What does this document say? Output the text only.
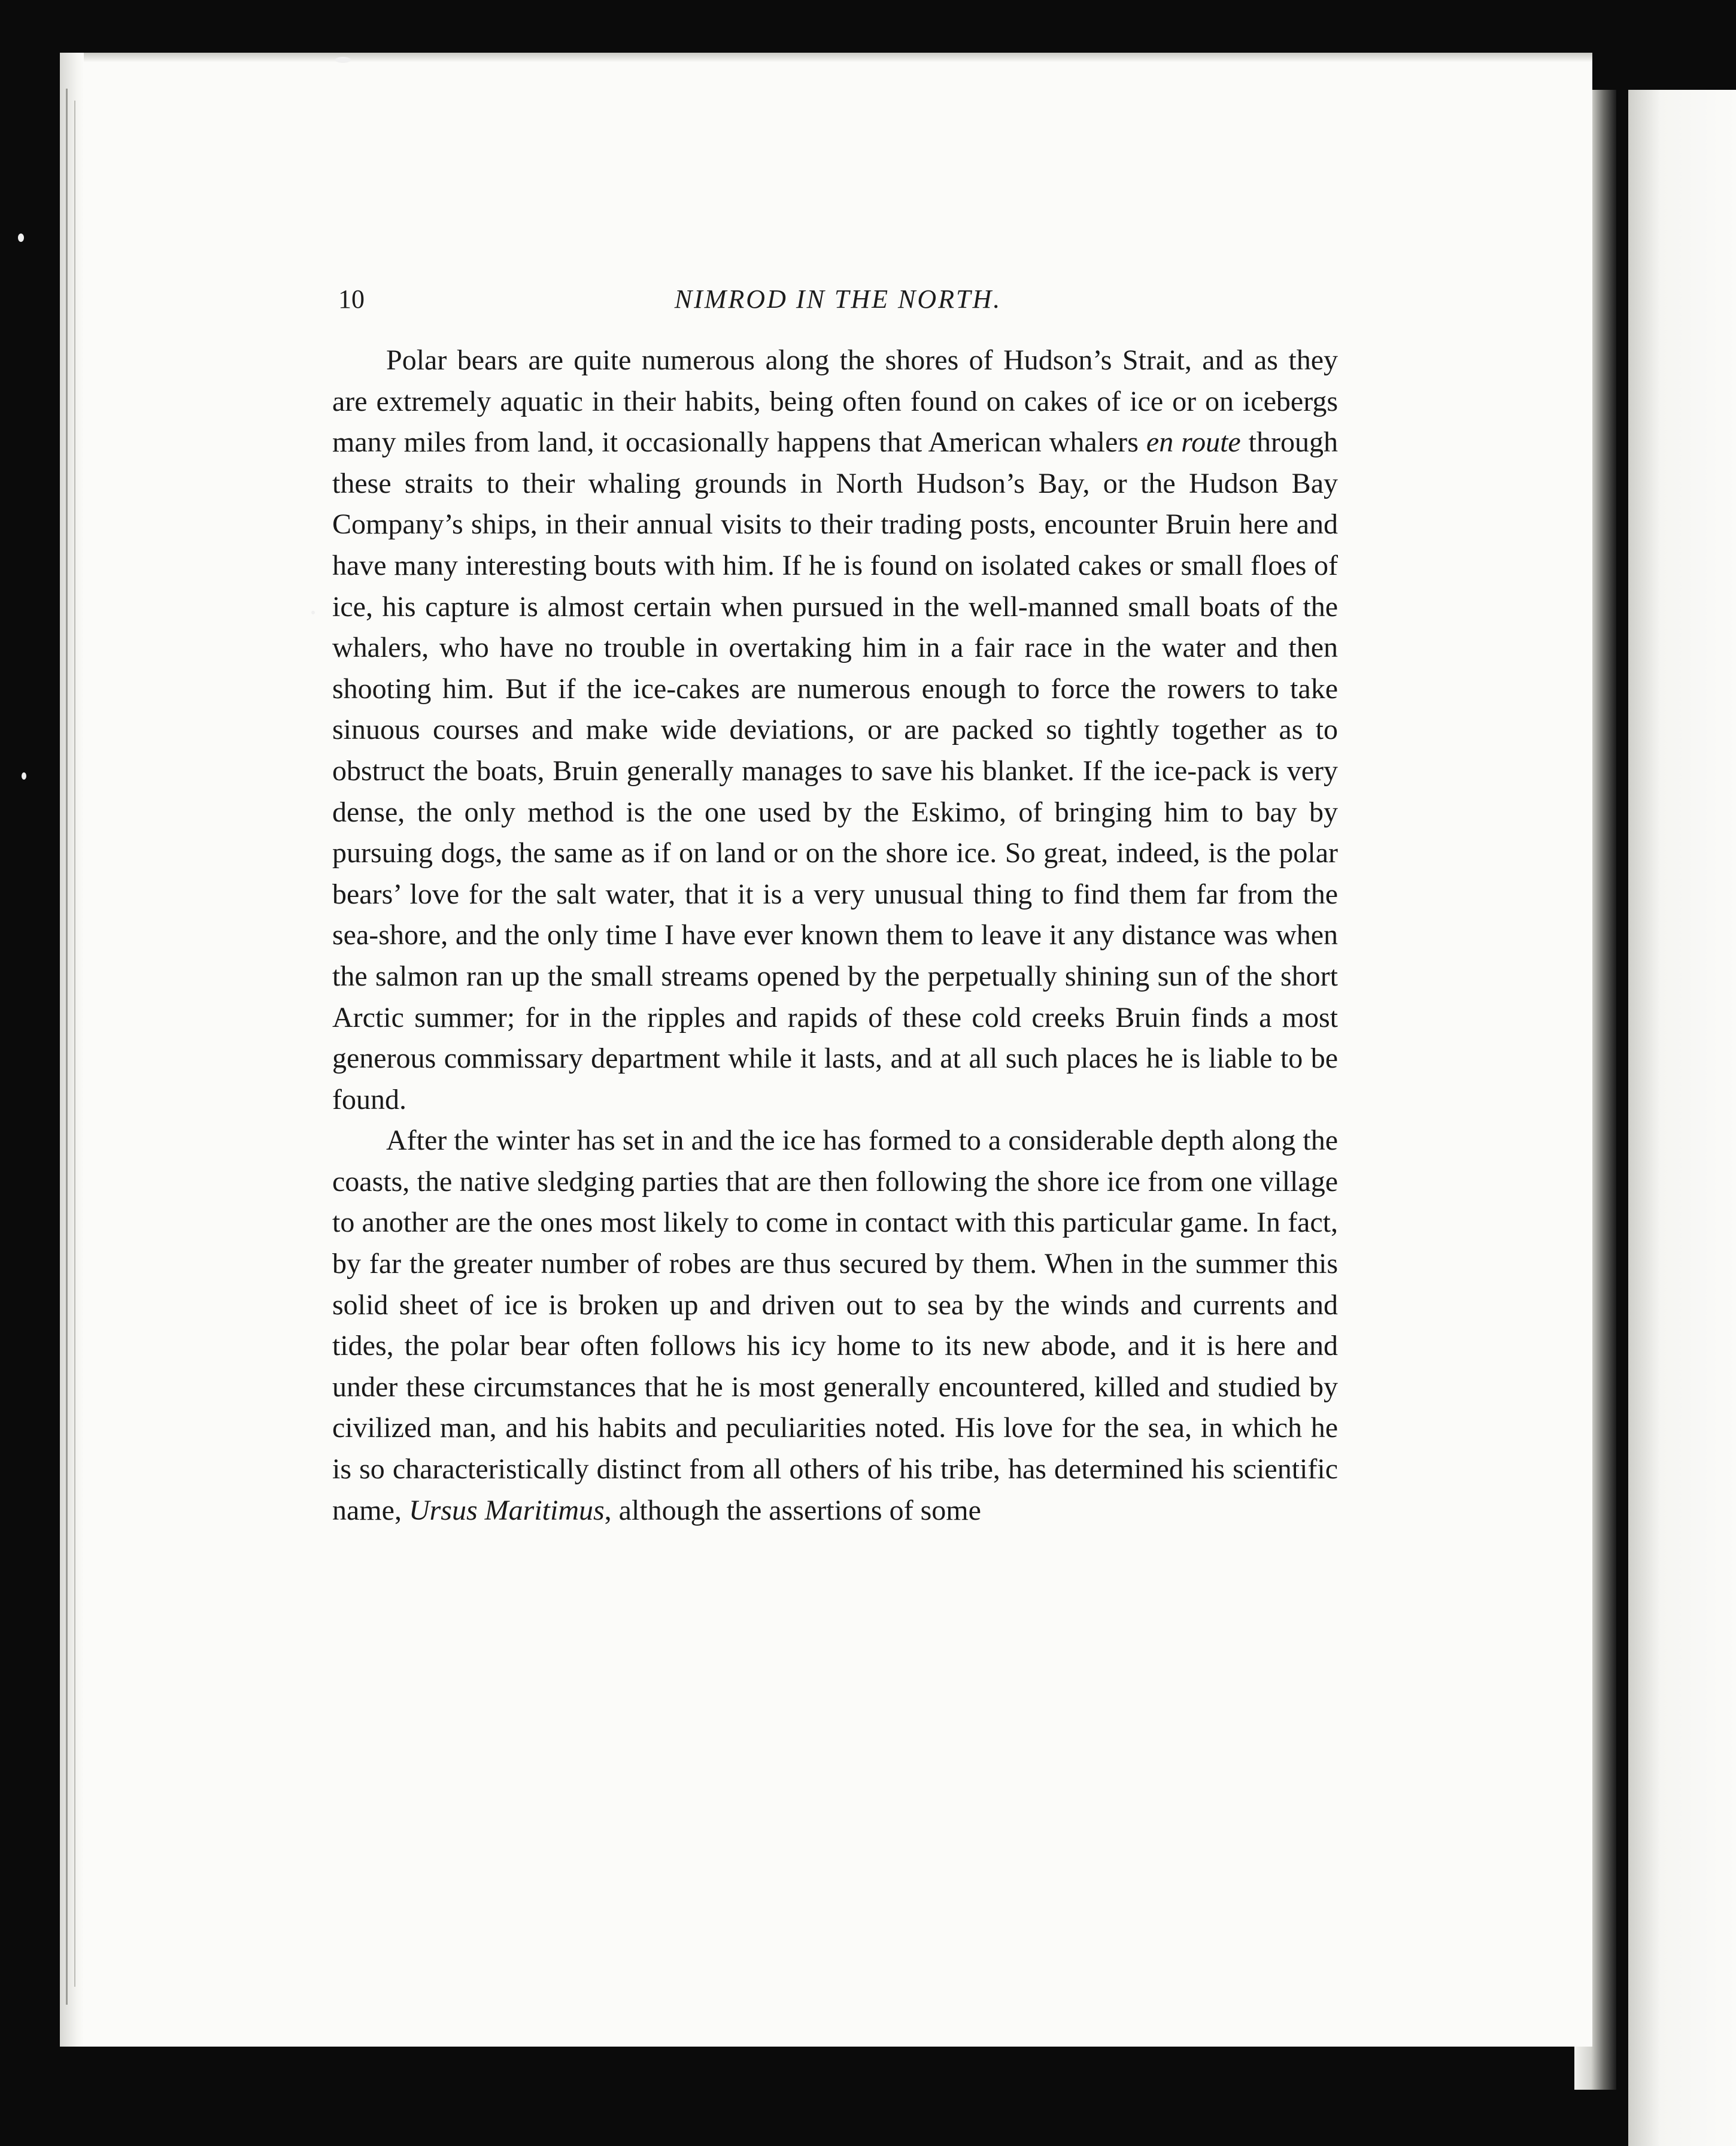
10	NIMROD IN THE NORTH.

Polar bears are quite numerous along the shores of Hudson’s Strait, and as they are extremely aquatic in their habits, being often found on cakes of ice or on icebergs many miles from land, it occasionally happens that American whalers en route through these straits to their whaling grounds in North Hudson’s Bay, or the Hudson Bay Company’s ships, in their annual visits to their trading posts, encounter Bruin here and have many interesting bouts with him. If he is found on isolated cakes or small floes of ice, his capture is almost certain when pursued in the well-manned small boats of the whalers, who have no trouble in overtaking him in a fair race in the water and then shooting him. But if the ice-cakes are numerous enough to force the rowers to take sinuous courses and make wide deviations, or are packed so tightly together as to obstruct the boats, Bruin generally manages to save his blanket. If the ice-pack is very dense, the only method is the one used by the Eskimo, of bringing him to bay by pursuing dogs, the same as if on land or on the shore ice. So great, indeed, is the polar bears’ love for the salt water, that it is a very unusual thing to find them far from the sea-shore, and the only time I have ever known them to leave it any distance was when the salmon ran up the small streams opened by the perpetually shining sun of the short Arctic summer; for in the ripples and rapids of these cold creeks Bruin finds a most generous commissary department while it lasts, and at all such places he is liable to be found.

After the winter has set in and the ice has formed to a considerable depth along the coasts, the native sledging parties that are then following the shore ice from one village to another are the ones most likely to come in contact with this particular game. In fact, by far the greater number of robes are thus secured by them. When in the summer this solid sheet of ice is broken up and driven out to sea by the winds and currents and tides, the polar bear often follows his icy home to its new abode, and it is here and under these circumstances that he is most generally encountered, killed and studied by civilized man, and his habits and peculiarities noted. His love for the sea, in which he is so characteristically distinct from all others of his tribe, has determined his scientific name, Ursus Maritimus, although the assertions of some
